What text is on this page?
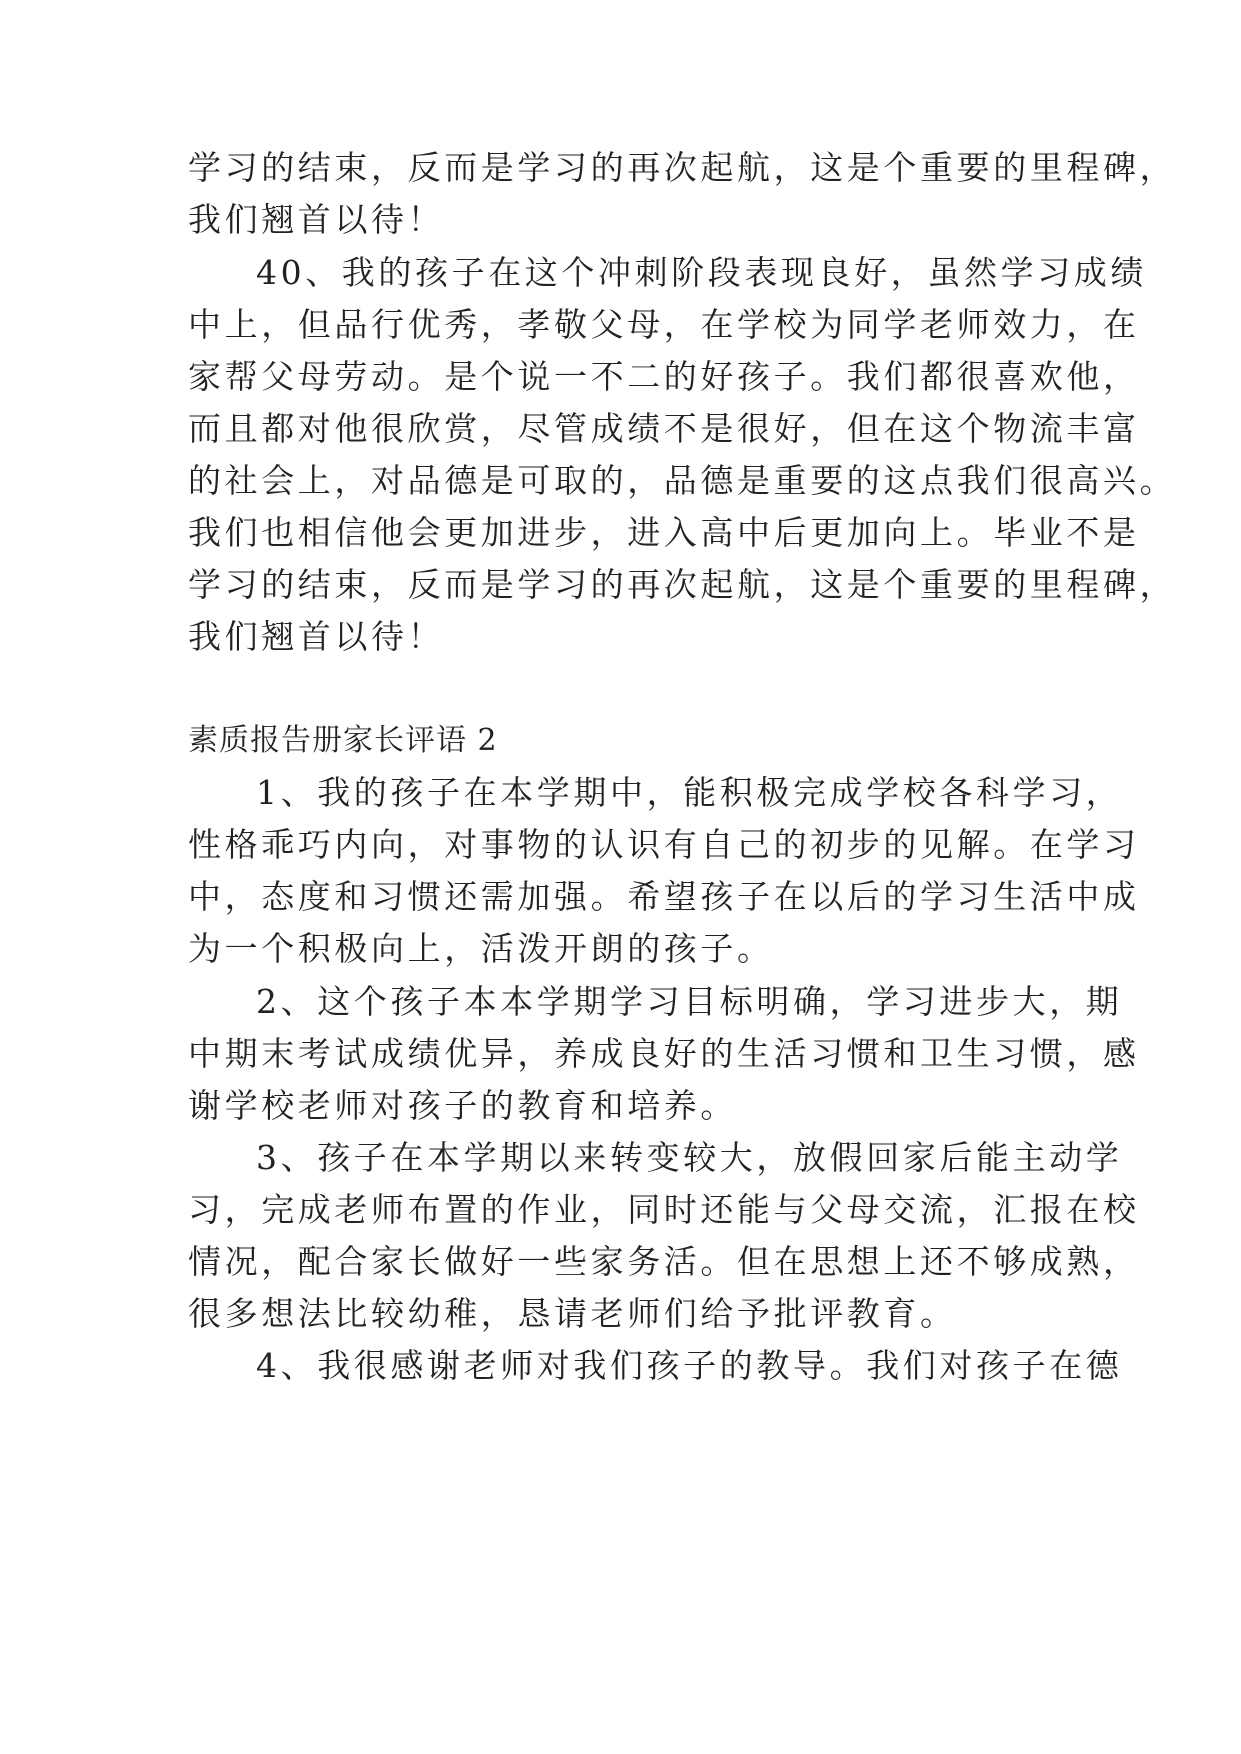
学习的结束，反而是学习的再次起航，这是个重要的里程碑，
我们翘首以待！
40、我的孩子在这个冲刺阶段表现良好，虽然学习成绩
中上，但品行优秀，孝敬父母，在学校为同学老师效力，在
家帮父母劳动。是个说一不二的好孩子。我们都很喜欢他，
而且都对他很欣赏，尽管成绩不是很好，但在这个物流丰富
的社会上，对品德是可取的，品德是重要的这点我们很高兴。
我们也相信他会更加进步，进入高中后更加向上。毕业不是
学习的结束，反而是学习的再次起航，这是个重要的里程碑，
我们翘首以待！
素质报告册家长评语 2
1、我的孩子在本学期中，能积极完成学校各科学习，
性格乖巧内向，对事物的认识有自己的初步的见解。在学习
中，态度和习惯还需加强。希望孩子在以后的学习生活中成
为一个积极向上，活泼开朗的孩子。
2、这个孩子本本学期学习目标明确，学习进步大，期
中期末考试成绩优异，养成良好的生活习惯和卫生习惯，感
谢学校老师对孩子的教育和培养。
3、孩子在本学期以来转变较大，放假回家后能主动学
习，完成老师布置的作业，同时还能与父母交流，汇报在校
情况，配合家长做好一些家务活。但在思想上还不够成熟，
很多想法比较幼稚，恳请老师们给予批评教育。
4、我很感谢老师对我们孩子的教导。我们对孩子在德
